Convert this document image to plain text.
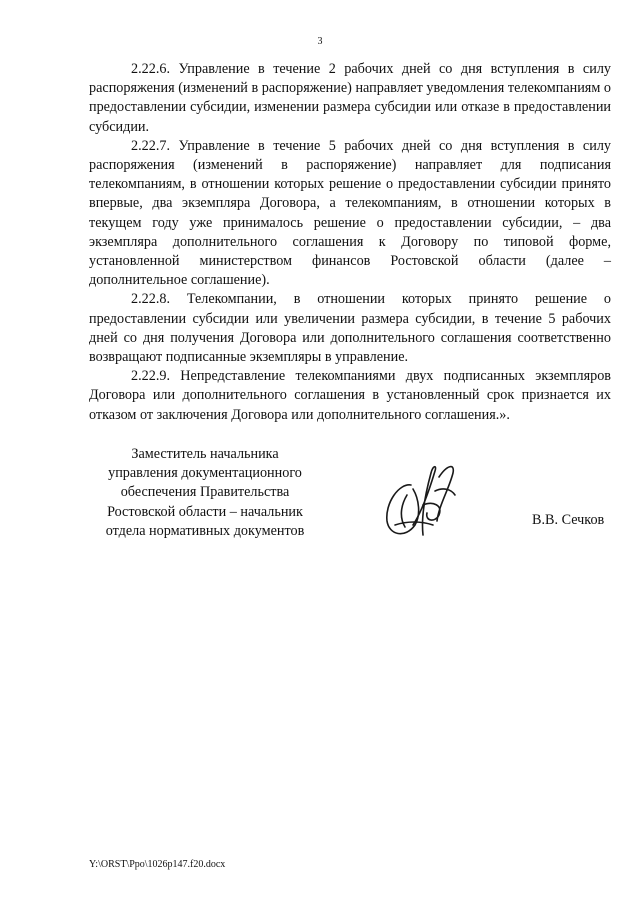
3

2.22.6. Управление в течение 2 рабочих дней со дня вступления в силу распоряжения (изменений в распоряжение) направляет уведомления телекомпаниям о предоставлении субсидии, изменении размера субсидии или отказе в предоставлении субсидии.

2.22.7. Управление в течение 5 рабочих дней со дня вступления в силу распоряжения (изменений в распоряжение) направляет для подписания телекомпаниям, в отношении которых решение о предоставлении субсидии принято впервые, два экземпляра Договора, а телекомпаниям, в отношении которых в текущем году уже принималось решение о предоставлении субсидии, – два экземпляра дополнительного соглашения к Договору по типовой форме, установленной министерством финансов Ростовской области (далее – дополнительное соглашение).

2.22.8. Телекомпании, в отношении которых принято решение о предоставлении субсидии или увеличении размера субсидии, в течение 5 рабочих дней со дня получения Договора или дополнительного соглашения соответственно возвращают подписанные экземпляры в управление.

2.22.9. Непредставление телекомпаниями двух подписанных экземпляров Договора или дополнительного соглашения в установленный срок признается их отказом от заключения Договора или дополнительного соглашения.».

Заместитель начальника
управления документационного
обеспечения Правительства
Ростовской области – начальник
отдела нормативных документов
В.В. Сечков
Y:\ORST\Ppo\1026p147.f20.docx
